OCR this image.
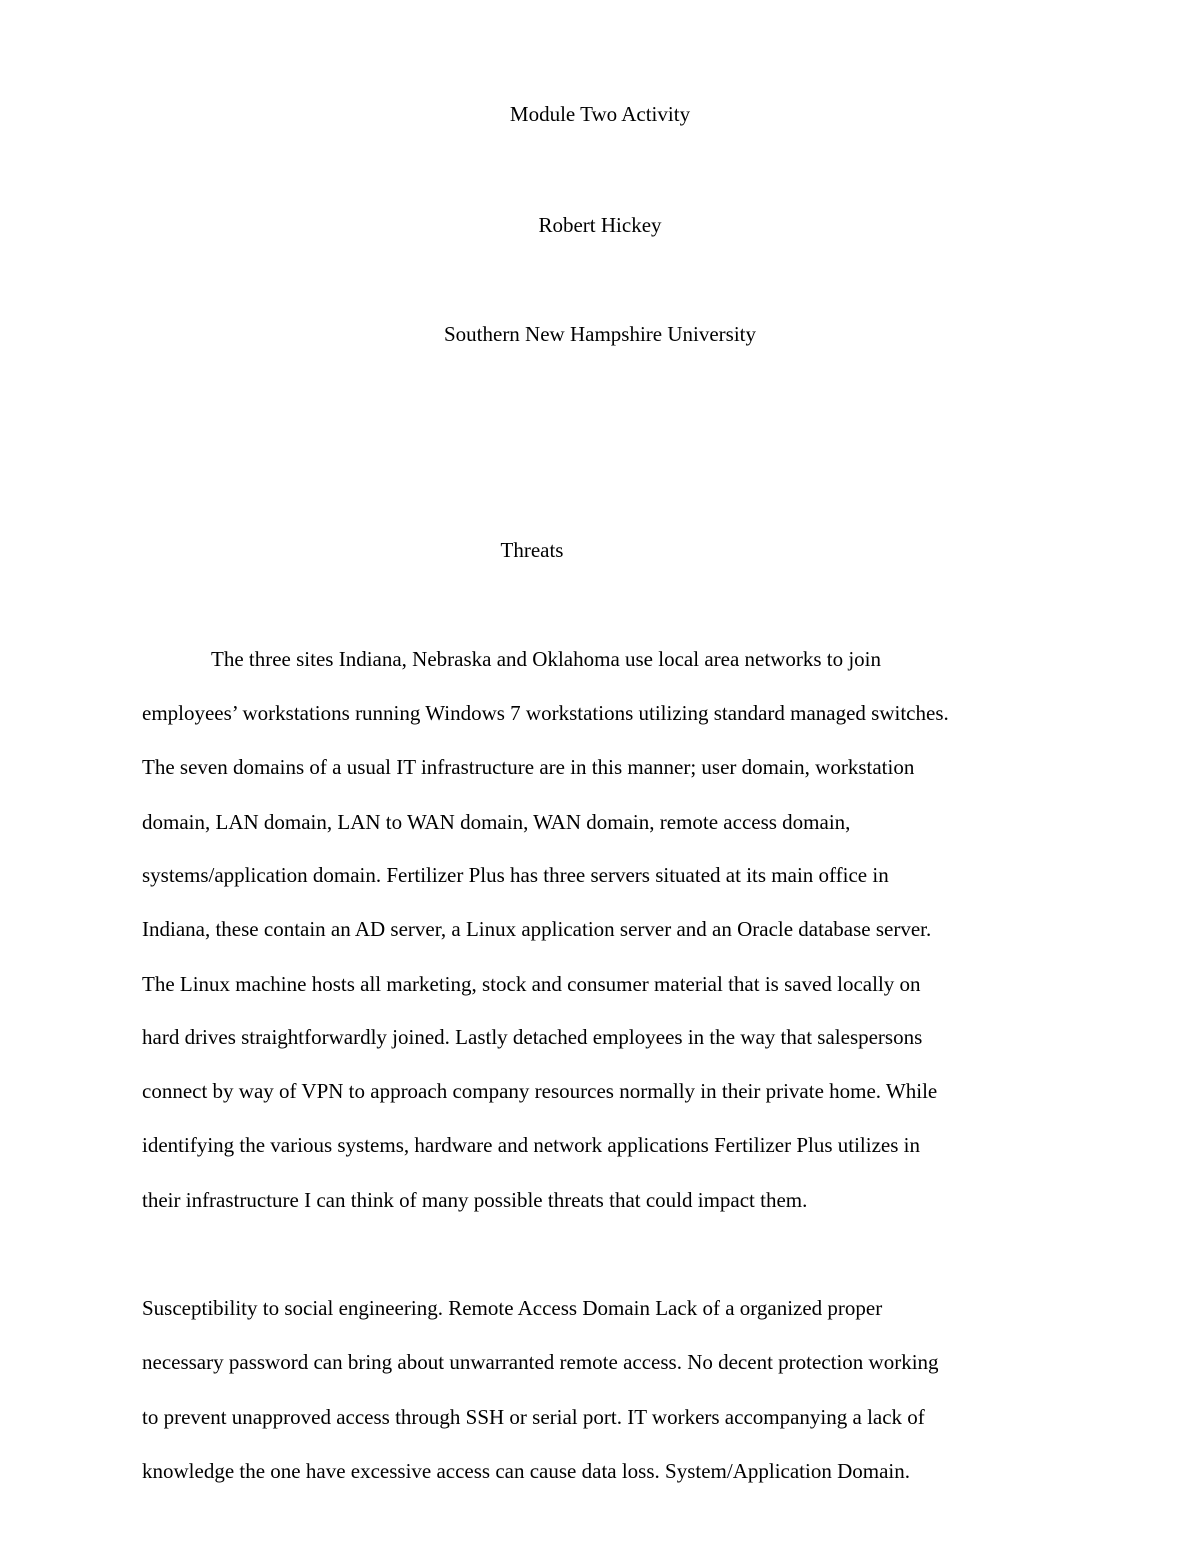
Module Two Activity
Robert Hickey
Southern New Hampshire University
Threats
The three sites Indiana, Nebraska and Oklahoma use local area networks to join
employees’ workstations running Windows 7 workstations utilizing standard managed switches.
The seven domains of a usual IT infrastructure are in this manner; user domain, workstation
domain, LAN domain, LAN to WAN domain, WAN domain, remote access domain,
systems/application domain. Fertilizer Plus has three servers situated at its main office in
Indiana, these contain an AD server, a Linux application server and an Oracle database server.
The Linux machine hosts all marketing, stock and consumer material that is saved locally on
hard drives straightforwardly joined. Lastly detached employees in the way that salespersons
connect by way of VPN to approach company resources normally in their private home. While
identifying the various systems, hardware and network applications Fertilizer Plus utilizes in
their infrastructure I can think of many possible threats that could impact them.
Susceptibility to social engineering. Remote Access Domain Lack of a organized proper
necessary password can bring about unwarranted remote access. No decent protection working
to prevent unapproved access through SSH or serial port. IT workers accompanying a lack of
knowledge the one have excessive access can cause data loss. System/Application Domain.
